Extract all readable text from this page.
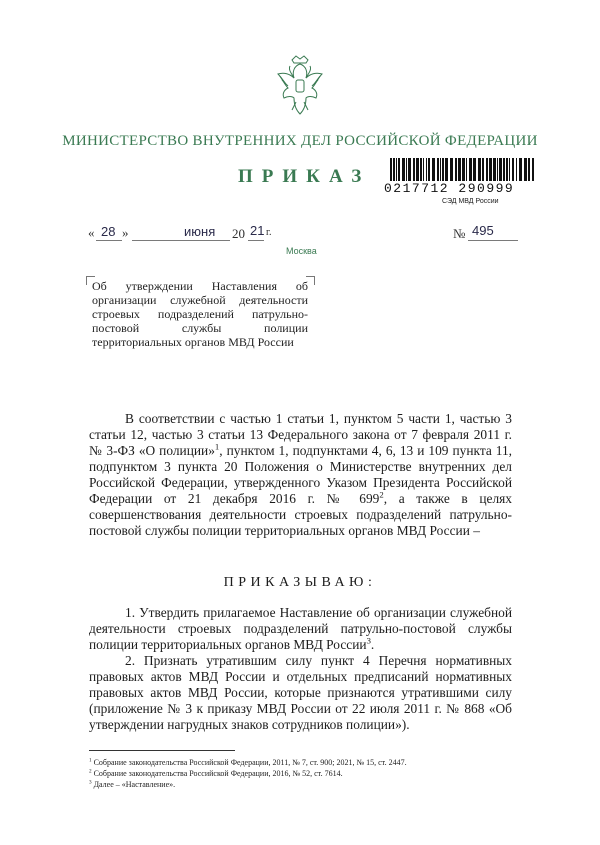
МИНИСТЕРСТВО ВНУТРЕННИХ ДЕЛ РОССИЙСКОЙ ФЕДЕРАЦИИ
ПРИКАЗ
0217712 290999
СЭД МВД России
« 28 »	июня 20 21 г.	№ 495
Москва
Об утверждении Наставления об организации служебной деятельности строевых подразделений патрульно-постовой службы полиции территориальных органов МВД России

В соответствии с частью 1 статьи 1, пунктом 5 части 1, частью 3 статьи 12, частью 3 статьи 13 Федерального закона от 7 февраля 2011 г. № 3-ФЗ «О полиции»$^1$, пунктом 1, подпунктами 4, 6, 13 и 109 пункта 11, подпунктом 3 пункта 20 Положения о Министерстве внутренних дел Российской Федерации, утвержденного Указом Президента Российской Федерации от 21 декабря 2016 г. № $699^2$, а также в целях совершенствования деятельности строевых подразделений патрульно-постовой службы полиции территориальных органов МВД России –

ПРИКАЗЫВАЮ:

1. Утвердить прилагаемое Наставление об организации служебной деятельности строевых подразделений патрульно-постовой службы полиции территориальных органов МВД России$^3$.

2. Признать утратившим силу пункт 4 Перечня нормативных правовых актов МВД России и отдельных предписаний нормативных правовых актов МВД России, которые признаются утратившими силу (приложение № 3 к приказу МВД России от 22 июля 2011 г. № 868 «Об утверждении нагрудных знаков сотрудников полиции»).

$^1$ Собрание законодательства Российской Федерации, 2011, № 7, ст. 900; 2021, № 15, ст. 2447.
$^2$ Собрание законодательства Российской Федерации, 2016, № 52, ст. 7614.
$^3$ Далее – «Наставление».
